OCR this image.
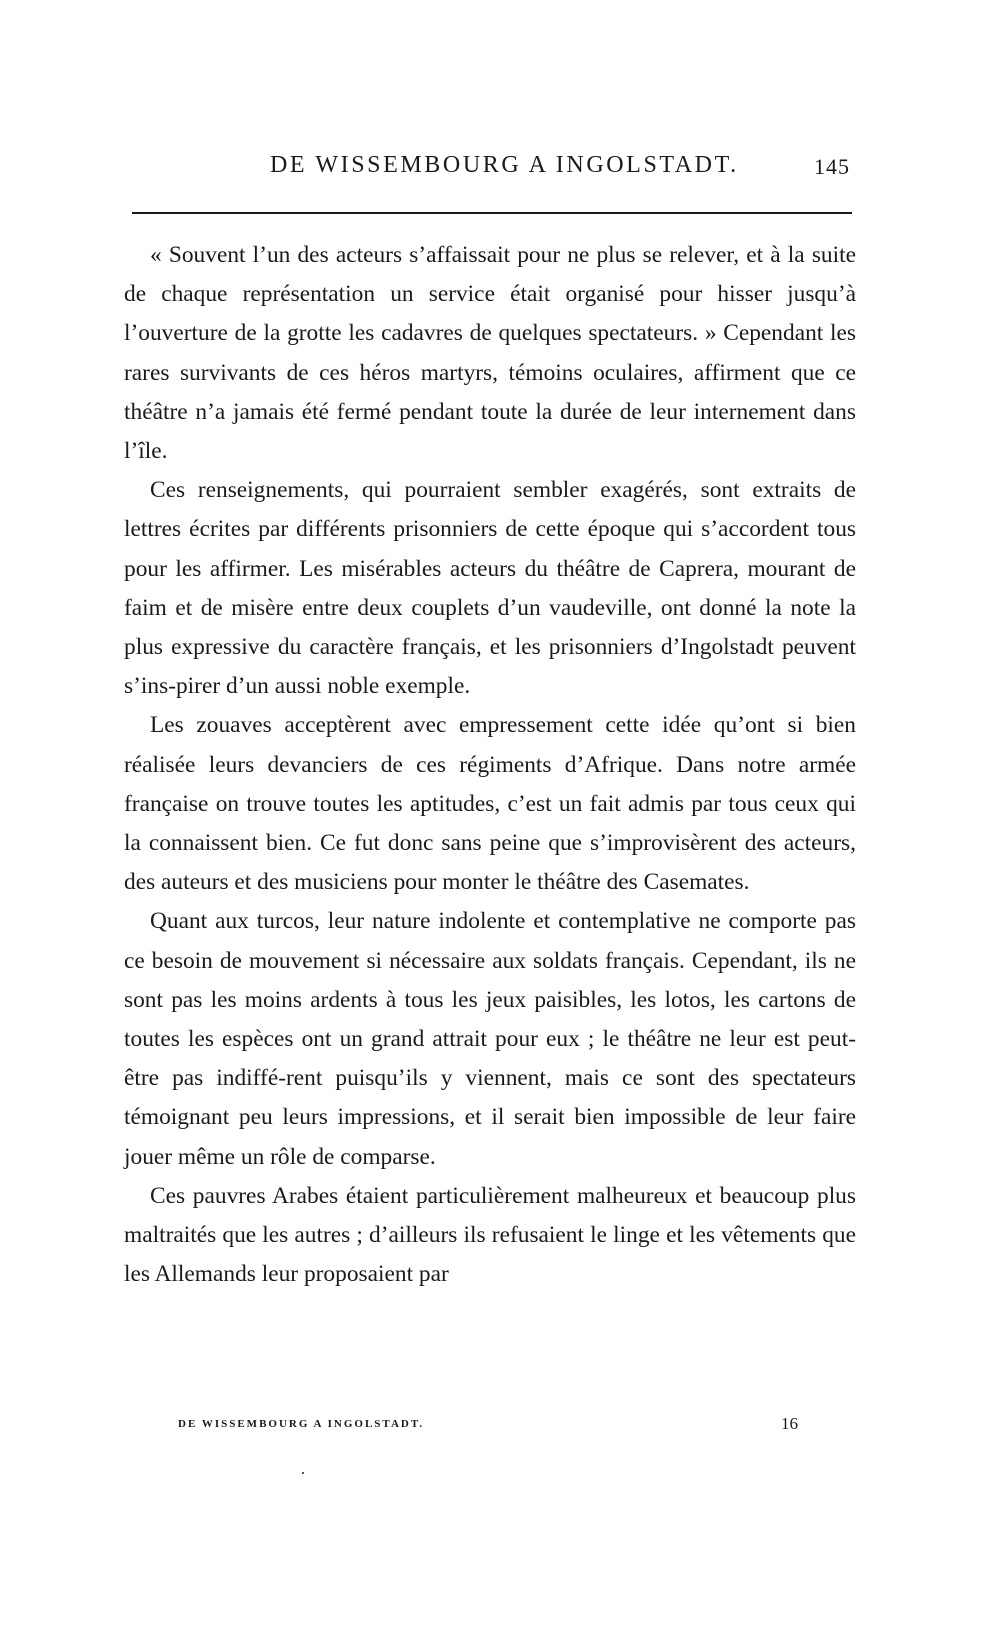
DE WISSEMBOURG A INGOLSTADT.	145

« Souvent l’un des acteurs s’affaissait pour ne plus se relever, et à la suite de chaque représentation un service était organisé pour hisser jusqu’à l’ouverture de la grotte les cadavres de quelques spectateurs. » Cependant les rares survivants de ces héros martyrs, témoins oculaires, affirment que ce théâtre n’a jamais été fermé pendant toute la durée de leur internement dans l’île.

Ces renseignements, qui pourraient sembler exagérés, sont extraits de lettres écrites par différents prisonniers de cette époque qui s’accordent tous pour les affirmer. Les misérables acteurs du théâtre de Caprera, mourant de faim et de misère entre deux couplets d’un vaudeville, ont donné la note la plus expressive du caractère français, et les prisonniers d’Ingolstadt peuvent s’ins-pirer d’un aussi noble exemple.

Les zouaves acceptèrent avec empressement cette idée qu’ont si bien réalisée leurs devanciers de ces régiments d’Afrique. Dans notre armée française on trouve toutes les aptitudes, c’est un fait admis par tous ceux qui la connaissent bien. Ce fut donc sans peine que s’improvisèrent des acteurs, des auteurs et des musiciens pour monter le théâtre des Casemates.

Quant aux turcos, leur nature indolente et contemplative ne comporte pas ce besoin de mouvement si nécessaire aux soldats français. Cependant, ils ne sont pas les moins ardents à tous les jeux paisibles, les lotos, les cartons de toutes les espèces ont un grand attrait pour eux ; le théâtre ne leur est peut-être pas indiffé-rent puisqu’ils y viennent, mais ce sont des spectateurs témoignant peu leurs impressions, et il serait bien impossible de leur faire jouer même un rôle de comparse.

Ces pauvres Arabes étaient particulièrement malheureux et beaucoup plus maltraités que les autres ; d’ailleurs ils refusaient le linge et les vêtements que les Allemands leur proposaient par

DE WISSEMBOURG A INGOLSTADT.	16
